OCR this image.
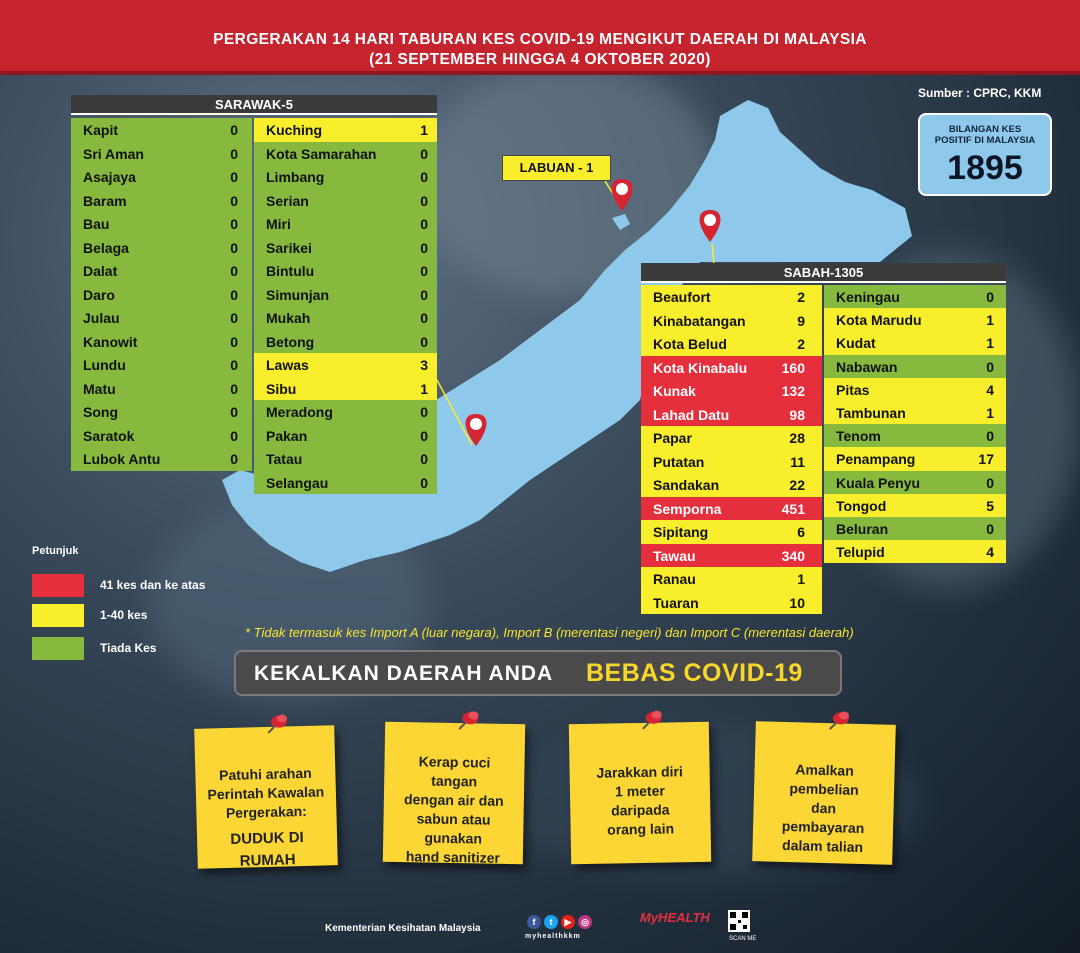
PERGERAKAN 14 HARI TABURAN KES COVID-19 MENGIKUT DAERAH DI MALAYSIA
(21 SEPTEMBER HINGGA 4 OKTOBER 2020)
Sumber : CPRC, KKM
BILANGAN KES
POSITIF DI MALAYSIA
1895
LABUAN - 1
SARAWAK-5
Kapit	0
Sri Aman	0
Asajaya	0
Baram	0
Bau	0
Belaga	0
Dalat	0
Daro	0
Julau	0
Kanowit	0
Lundu	0
Matu	0
Song	0
Saratok	0
Lubok Antu	0
Kuching	1
Kota Samarahan	0
Limbang	0
Serian	0
Miri	0
Sarikei	0
Bintulu	0
Simunjan	0
Mukah	0
Betong	0
Lawas	3
Sibu	1
Meradong	0
Pakan	0
Tatau	0
Selangau	0
SABAH-1305
Beaufort	2
Kinabatangan	9
Kota Belud	2
Kota Kinabalu	160
Kunak	132
Lahad Datu	98
Papar	28
Putatan	11
Sandakan	22
Semporna	451
Sipitang	6
Tawau	340
Ranau	1
Tuaran	10
Keningau	0
Kota Marudu	1
Kudat	1
Nabawan	0
Pitas	4
Tambunan	1
Tenom	0
Penampang	17
Kuala Penyu	0
Tongod	5
Beluran	0
Telupid	4
Petunjuk
41 kes dan ke atas
1-40 kes
Tiada Kes
* Tidak termasuk kes Import A (luar negara), Import B (merentasi negeri) dan Import C (merentasi daerah)
KEKALKAN DAERAH ANDA BEBAS COVID-19
Patuhi arahan
Perintah Kawalan
Pergerakan:
DUDUK DI
RUMAH
Kerap cuci
tangan
dengan air dan
sabun atau
gunakan
hand sanitizer
Jarakkan diri
1 meter
daripada
orang lain
Amalkan
pembelian
dan
pembayaran
dalam talian
Kementerian Kesihatan Malaysia
f	t	▶	◎
myhealthkkm
MyHEALTH
SCAN ME
